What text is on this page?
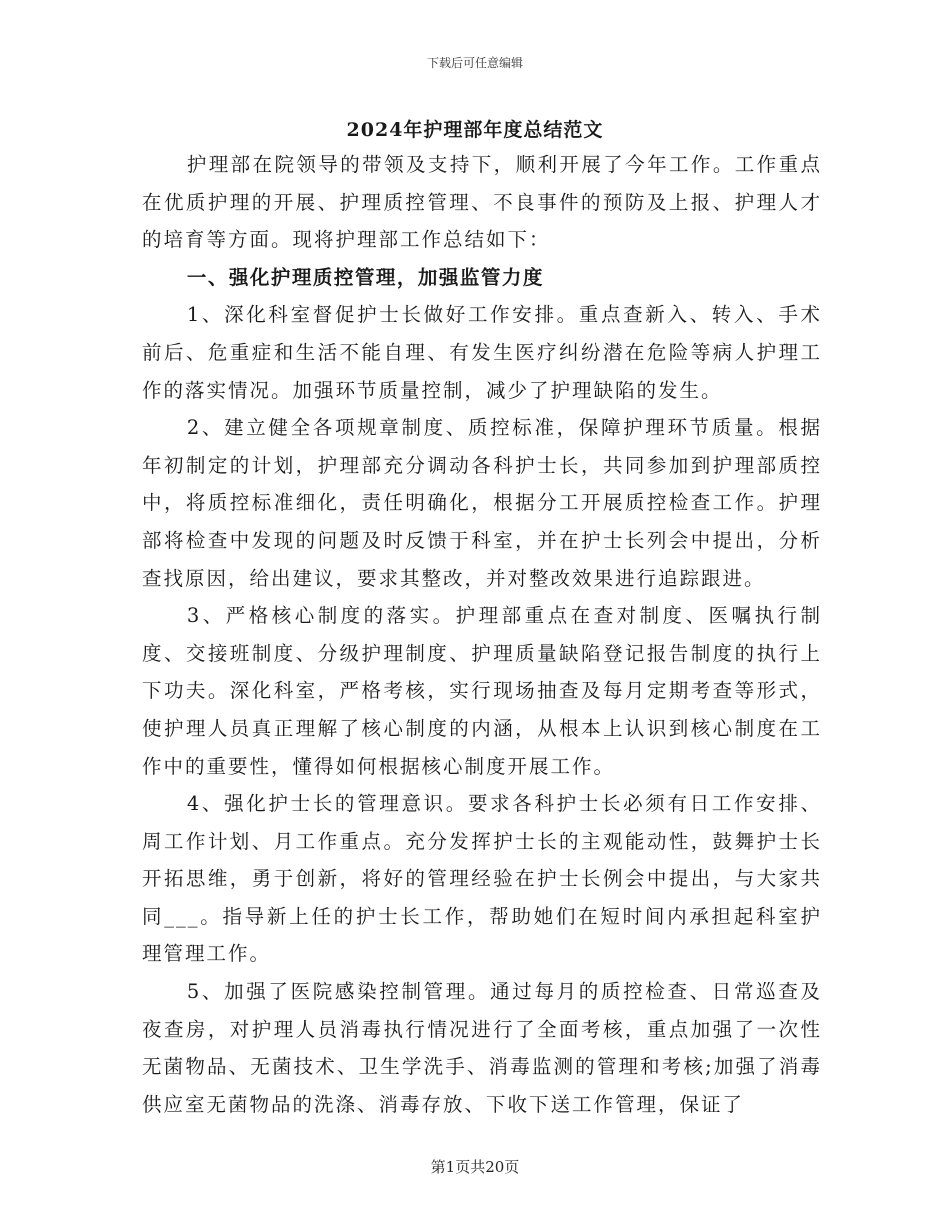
下载后可任意编辑
2024年护理部年度总结范文

护理部在院领导的带领及支持下，顺利开展了今年工作。工作重点在优质护理的开展、护理质控管理、不良事件的预防及上报、护理人才的培育等方面。现将护理部工作总结如下：

一、强化护理质控管理，加强监管力度

1、深化科室督促护士长做好工作安排。重点查新入、转入、手术前后、危重症和生活不能自理、有发生医疗纠纷潜在危险等病人护理工作的落实情况。加强环节质量控制，减少了护理缺陷的发生。

2、建立健全各项规章制度、质控标准，保障护理环节质量。根据年初制定的计划，护理部充分调动各科护士长，共同参加到护理部质控中，将质控标准细化，责任明确化，根据分工开展质控检查工作。护理部将检查中发现的问题及时反馈于科室，并在护士长列会中提出，分析查找原因，给出建议，要求其整改，并对整改效果进行追踪跟进。

3、严格核心制度的落实。护理部重点在查对制度、医嘱执行制度、交接班制度、分级护理制度、护理质量缺陷登记报告制度的执行上下功夫。深化科室，严格考核，实行现场抽查及每月定期考查等形式，使护理人员真正理解了核心制度的内涵，从根本上认识到核心制度在工作中的重要性，懂得如何根据核心制度开展工作。

4、强化护士长的管理意识。要求各科护士长必须有日工作安排、周工作计划、月工作重点。充分发挥护士长的主观能动性，鼓舞护士长开拓思维，勇于创新，将好的管理经验在护士长例会中提出，与大家共同___。指导新上任的护士长工作，帮助她们在短时间内承担起科室护理管理工作。

5、加强了医院感染控制管理。通过每月的质控检查、日常巡查及夜查房，对护理人员消毒执行情况进行了全面考核，重点加强了一次性无菌物品、无菌技术、卫生学洗手、消毒监测的管理和考核;加强了消毒供应室无菌物品的洗涤、消毒存放、下收下送工作管理，保证了

第1页共20页
